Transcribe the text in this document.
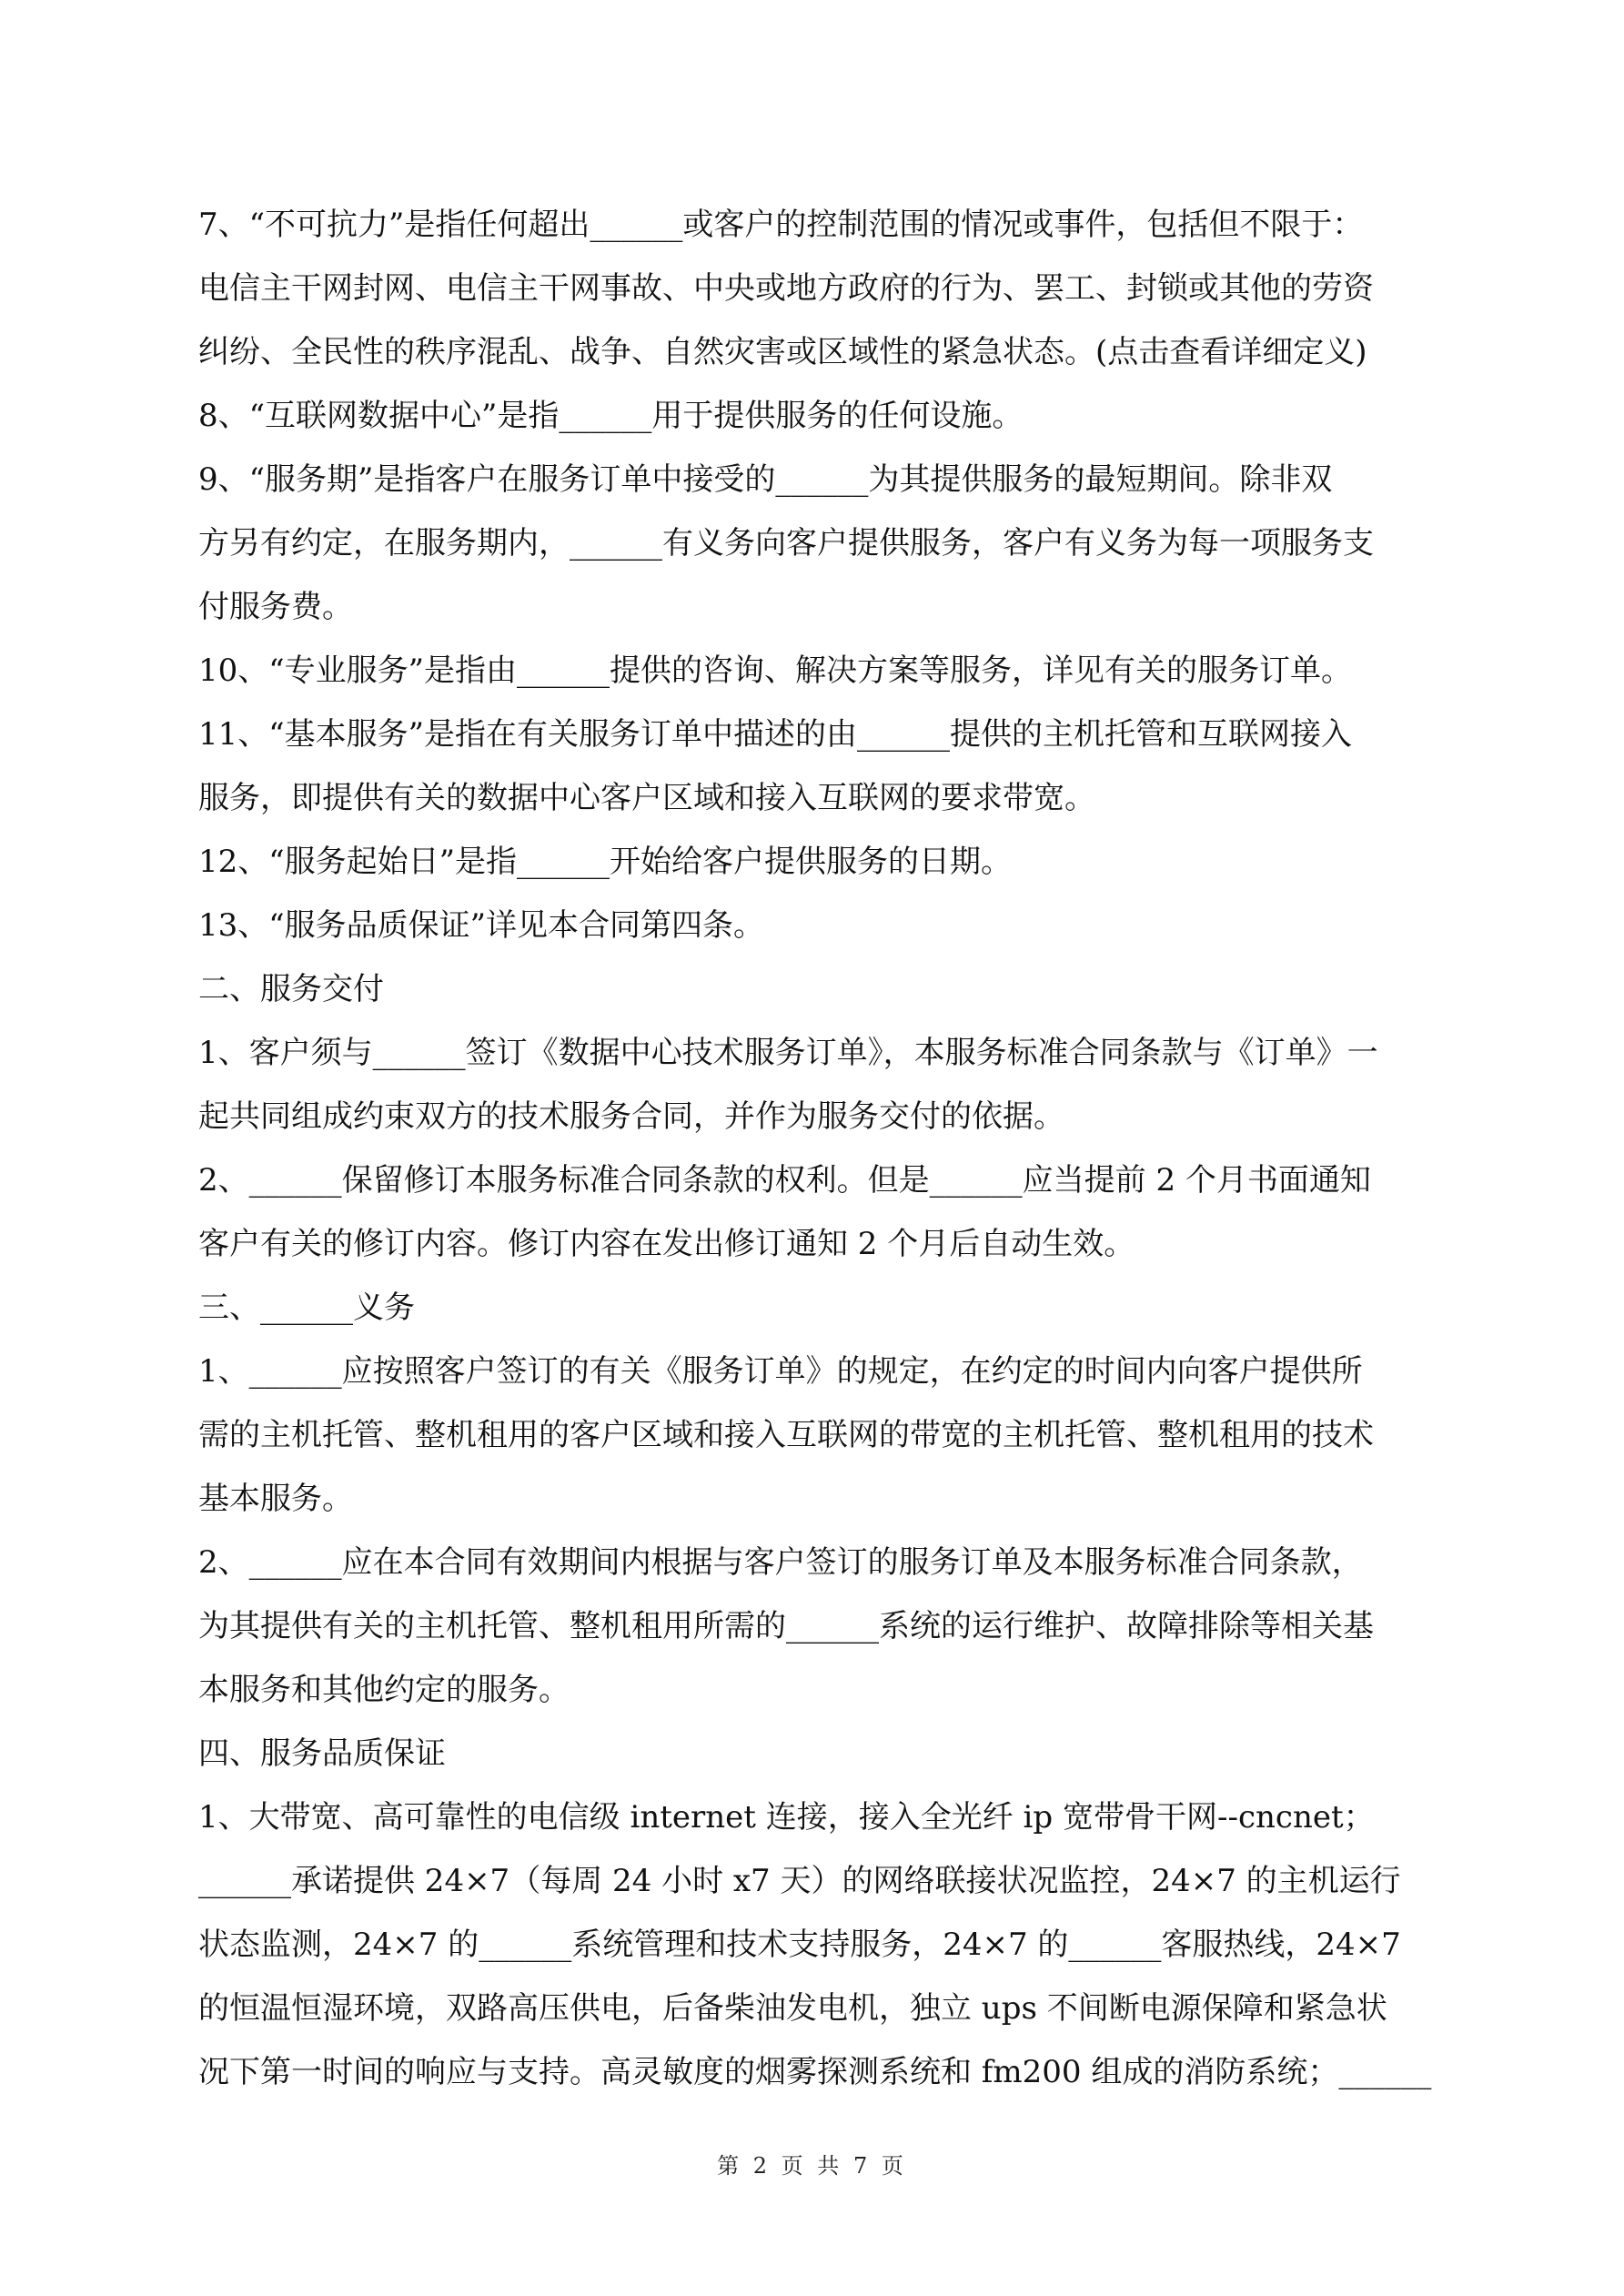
7、“不可抗力”是指任何超出______或客户的控制范围的情况或事件，包括但不限于：
电信主干网封网、电信主干网事故、中央或地方政府的行为、罢工、封锁或其他的劳资
纠纷、全民性的秩序混乱、战争、自然灾害或区域性的紧急状态。(点击查看详细定义)
8、“互联网数据中心”是指______用于提供服务的任何设施。
9、“服务期”是指客户在服务订单中接受的______为其提供服务的最短期间。除非双
方另有约定，在服务期内，______有义务向客户提供服务，客户有义务为每一项服务支
付服务费。
10、“专业服务”是指由______提供的咨询、解决方案等服务，详见有关的服务订单。
11、“基本服务”是指在有关服务订单中描述的由______提供的主机托管和互联网接入
服务，即提供有关的数据中心客户区域和接入互联网的要求带宽。
12、“服务起始日”是指______开始给客户提供服务的日期。
13、“服务品质保证”详见本合同第四条。
二、服务交付
1、客户须与______签订《数据中心技术服务订单》，本服务标准合同条款与《订单》一
起共同组成约束双方的技术服务合同，并作为服务交付的依据。
2、______保留修订本服务标准合同条款的权利。但是______应当提前 2 个月书面通知
客户有关的修订内容。修订内容在发出修订通知 2 个月后自动生效。
三、______义务
1、______应按照客户签订的有关《服务订单》的规定，在约定的时间内向客户提供所
需的主机托管、整机租用的客户区域和接入互联网的带宽的主机托管、整机租用的技术
基本服务。
2、______应在本合同有效期间内根据与客户签订的服务订单及本服务标准合同条款，
为其提供有关的主机托管、整机租用所需的______系统的运行维护、故障排除等相关基
本服务和其他约定的服务。
四、服务品质保证
1、大带宽、高可靠性的电信级 internet 连接，接入全光纤 ip 宽带骨干网--cncnet；
______承诺提供 24×7（每周 24 小时 x7 天）的网络联接状况监控，24×7 的主机运行
状态监测，24×7 的______系统管理和技术支持服务，24×7 的______客服热线，24×7
的恒温恒湿环境，双路高压供电，后备柴油发电机，独立 ups 不间断电源保障和紧急状
况下第一时间的响应与支持。高灵敏度的烟雾探测系统和 fm200 组成的消防系统；______
第 2 页 共 7 页
